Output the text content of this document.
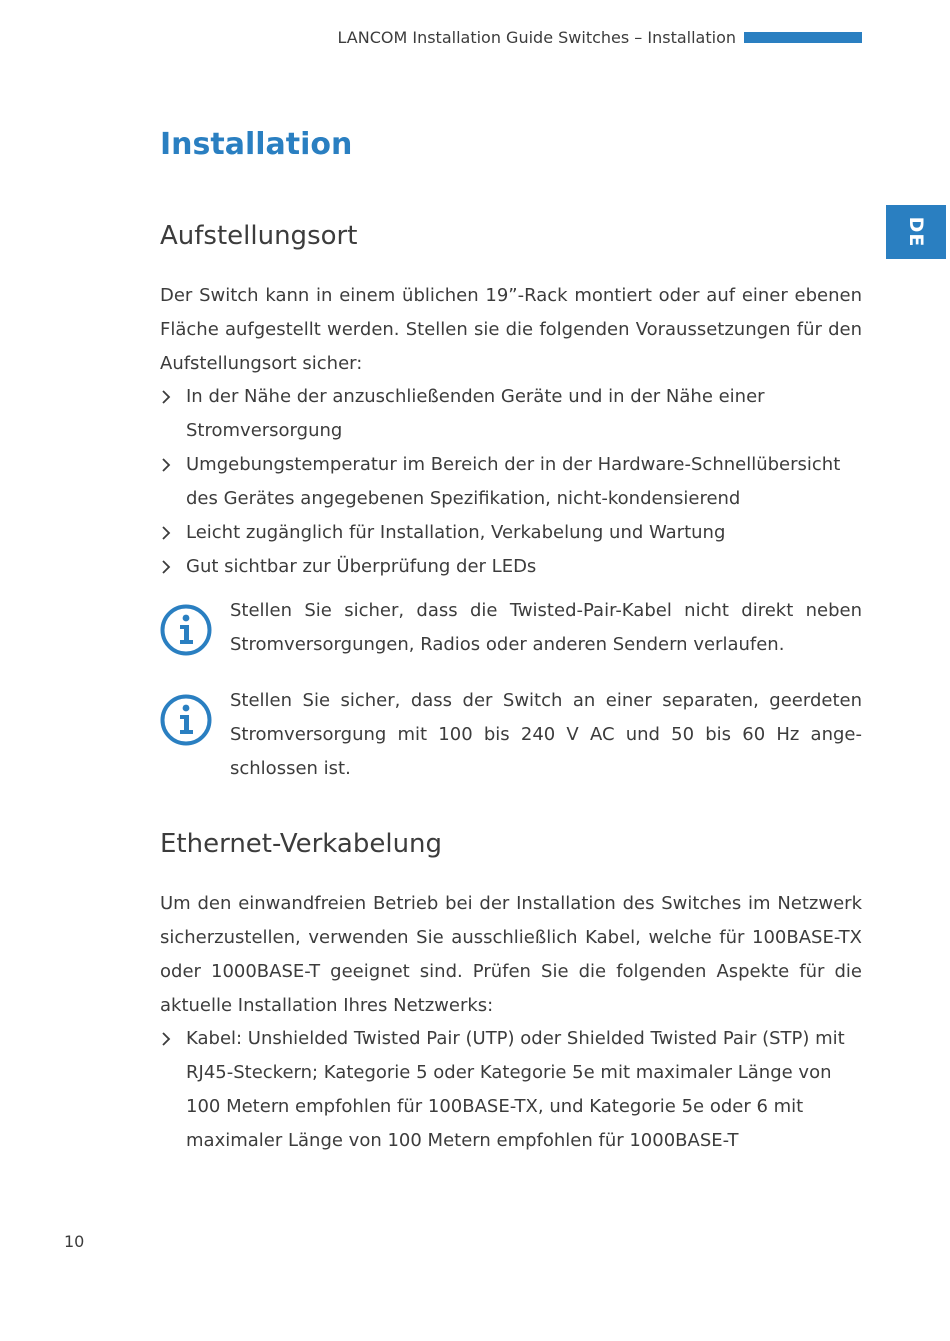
LANCOM Installation Guide Switches – Installation
DE
Installation
Aufstellungsort

Der Switch kann in einem üblichen 19”-Rack montiert oder auf einer ebenen Fläche aufgestellt werden. Stellen sie die folgenden Voraussetzungen für den Aufstellungsort sicher:

In der Nähe der anzuschließenden Geräte und in der Nähe einer Stromversorgung
Umgebungstemperatur im Bereich der in der Hardware-Schnellübersicht des Gerätes angegebenen Spezifikation, nicht-kondensierend
Leicht zugänglich für Installation, Verkabelung und Wartung
Gut sichtbar zur Überprüfung der LEDs

Stellen Sie sicher, dass die Twisted-Pair-Kabel nicht direkt neben Stromversorgungen, Radios oder anderen Sendern verlaufen.

Stellen Sie sicher, dass der Switch an einer separaten, geerdeten Stromversorgung mit 100 bis 240 V AC und 50 bis 60 Hz angeschlossen ist.

Ethernet-Verkabelung

Um den einwandfreien Betrieb bei der Installation des Switches im Netzwerk sicherzustellen, verwenden Sie ausschließlich Kabel, welche für 100BASE-TX oder 1000BASE-T geeignet sind. Prüfen Sie die folgenden Aspekte für die aktuelle Installation Ihres Netzwerks:

Kabel: Unshielded Twisted Pair (UTP) oder Shielded Twisted Pair (STP) mit RJ45-Steckern; Kategorie 5 oder Kategorie 5e mit maximaler Länge von 100 Metern empfohlen für 100BASE-TX, und Kategorie 5e oder 6 mit maximaler Länge von 100 Metern empfohlen für 1000BASE-T
10
